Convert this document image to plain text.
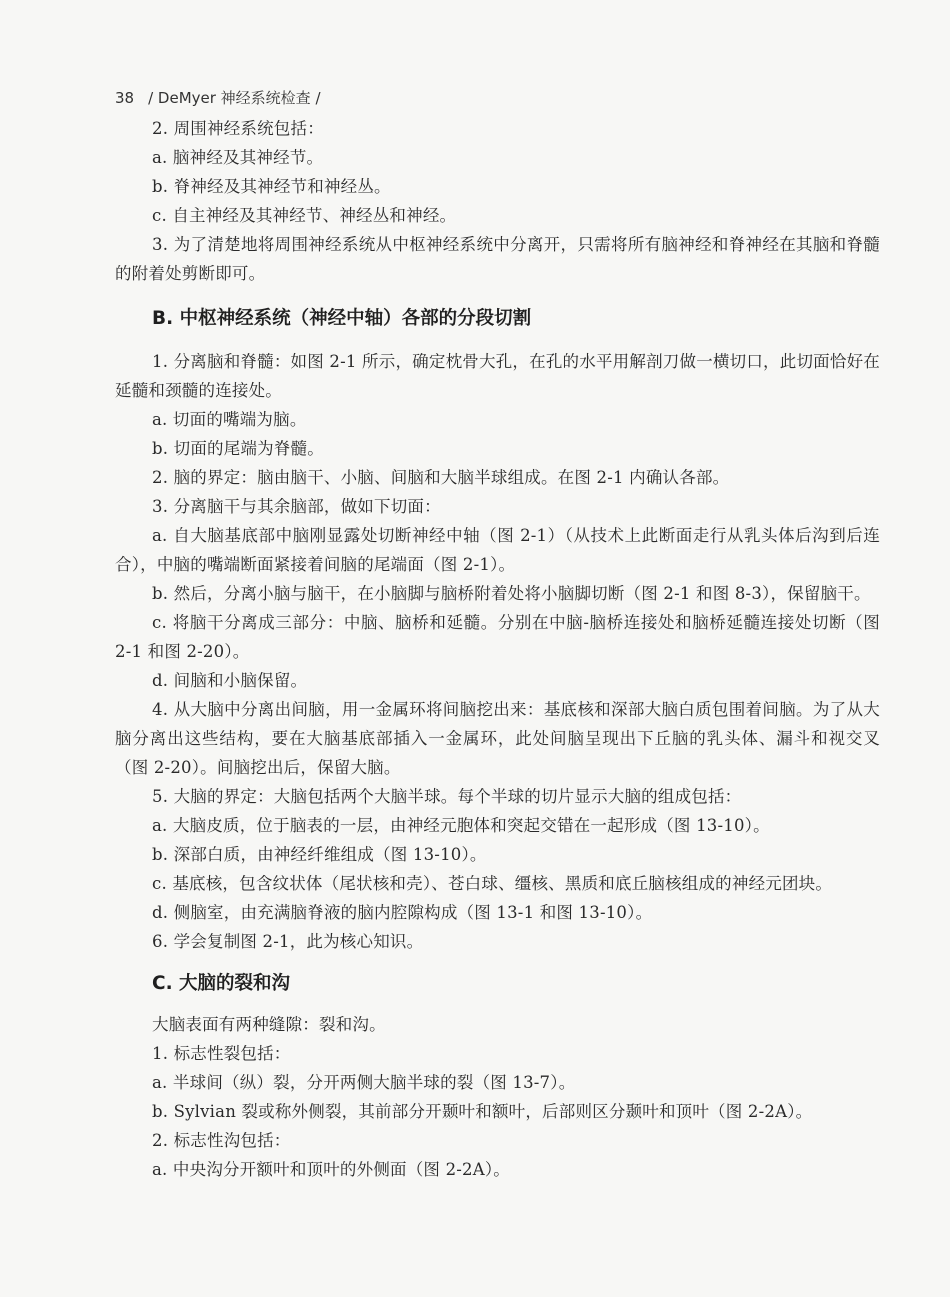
38 / DeMyer 神经系统检查 /

2. 周围神经系统包括：

a. 脑神经及其神经节。

b. 脊神经及其神经节和神经丛。

c. 自主神经及其神经节、神经丛和神经。

3. 为了清楚地将周围神经系统从中枢神经系统中分离开，只需将所有脑神经和脊神经在其脑和脊髓的附着处剪断即可。

B. 中枢神经系统（神经中轴）各部的分段切割

1. 分离脑和脊髓：如图 2-1 所示，确定枕骨大孔，在孔的水平用解剖刀做一横切口，此切面恰好在延髓和颈髓的连接处。

a. 切面的嘴端为脑。

b. 切面的尾端为脊髓。

2. 脑的界定：脑由脑干、小脑、间脑和大脑半球组成。在图 2-1 内确认各部。

3. 分离脑干与其余脑部，做如下切面：

a. 自大脑基底部中脑刚显露处切断神经中轴（图 2-1）（从技术上此断面走行从乳头体后沟到后连合），中脑的嘴端断面紧接着间脑的尾端面（图 2-1）。

b. 然后，分离小脑与脑干，在小脑脚与脑桥附着处将小脑脚切断（图 2-1 和图 8-3），保留脑干。

c. 将脑干分离成三部分：中脑、脑桥和延髓。分别在中脑-脑桥连接处和脑桥延髓连接处切断（图 2-1 和图 2-20）。

d. 间脑和小脑保留。

4. 从大脑中分离出间脑，用一金属环将间脑挖出来：基底核和深部大脑白质包围着间脑。为了从大脑分离出这些结构，要在大脑基底部插入一金属环，此处间脑呈现出下丘脑的乳头体、漏斗和视交叉（图 2-20）。间脑挖出后，保留大脑。

5. 大脑的界定：大脑包括两个大脑半球。每个半球的切片显示大脑的组成包括：

a. 大脑皮质，位于脑表的一层，由神经元胞体和突起交错在一起形成（图 13-10）。

b. 深部白质，由神经纤维组成（图 13-10）。

c. 基底核，包含纹状体（尾状核和壳）、苍白球、缰核、黑质和底丘脑核组成的神经元团块。

d. 侧脑室，由充满脑脊液的脑内腔隙构成（图 13-1 和图 13-10）。

6. 学会复制图 2-1，此为核心知识。

C. 大脑的裂和沟

大脑表面有两种缝隙：裂和沟。

1. 标志性裂包括：

a. 半球间（纵）裂，分开两侧大脑半球的裂（图 13-7）。

b. Sylvian 裂或称外侧裂，其前部分开颞叶和额叶，后部则区分颞叶和顶叶（图 2-2A）。

2. 标志性沟包括：

a. 中央沟分开额叶和顶叶的外侧面（图 2-2A）。
